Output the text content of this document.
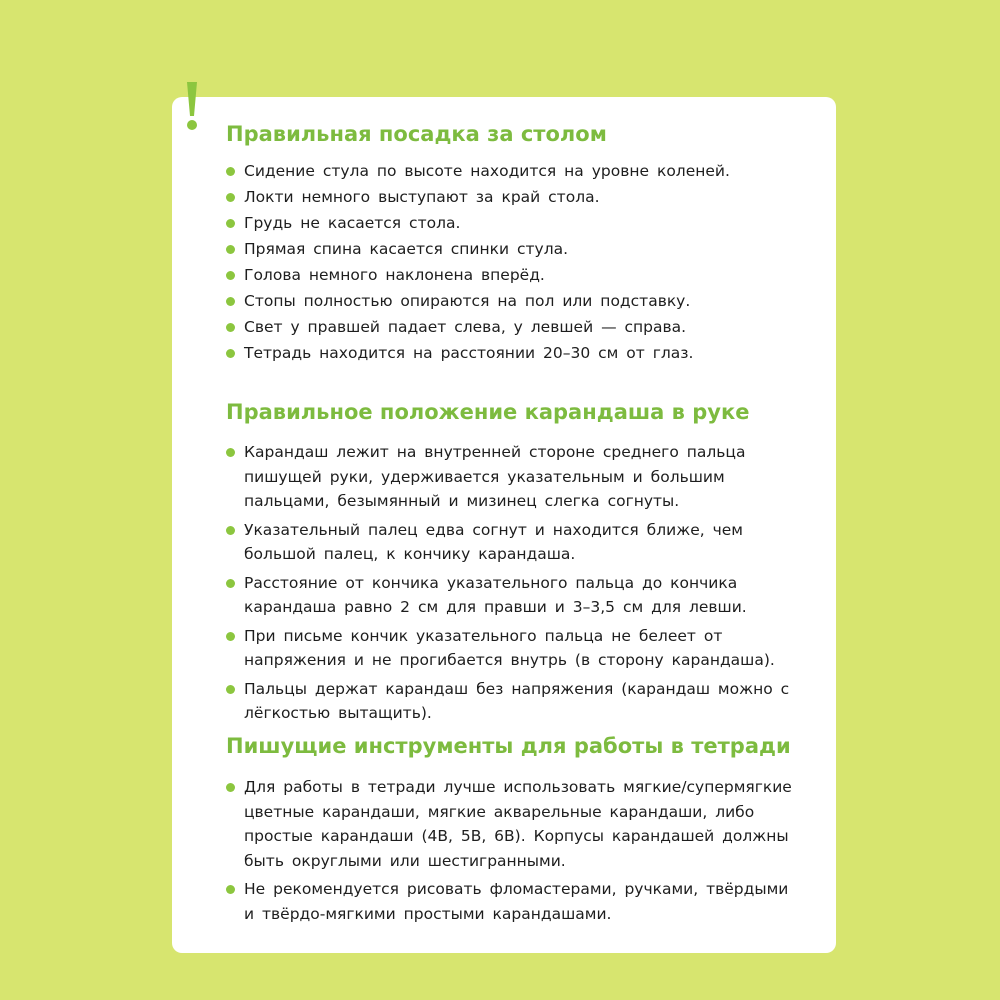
Правильная посадка за столом
Сидение стула по высоте находится на уровне коленей.
Локти немного выступают за край стола.
Грудь не касается стола.
Прямая спина касается спинки стула.
Голова немного наклонена вперёд.
Стопы полностью опираются на пол или подставку.
Свет у правшей падает слева, у левшей — справа.
Тетрадь находится на расстоянии 20–30 см от глаз.
Правильное положение карандаша в руке
Карандаш лежит на внутренней стороне среднего пальца пишущей руки, удерживается указательным и большим пальцами, безымянный и мизинец слегка согнуты.
Указательный палец едва согнут и находится ближе, чем большой палец, к кончику карандаша.
Расстояние от кончика указательного пальца до кончика карандаша равно 2 см для правши и 3–3,5 см для левши.
При письме кончик указательного пальца не белеет от напряжения и не прогибается внутрь (в сторону карандаша).
Пальцы держат карандаш без напряжения (карандаш можно с лёгкостью вытащить).
Пишущие инструменты для работы в тетради
Для работы в тетради лучше использовать мягкие/супермягкие цветные карандаши, мягкие акварельные карандаши, либо простые карандаши (4B, 5B, 6B). Корпусы карандашей должны быть округлыми или шестигранными.
Не рекомендуется рисовать фломастерами, ручками, твёрдыми и твёрдо-мягкими простыми карандашами.
